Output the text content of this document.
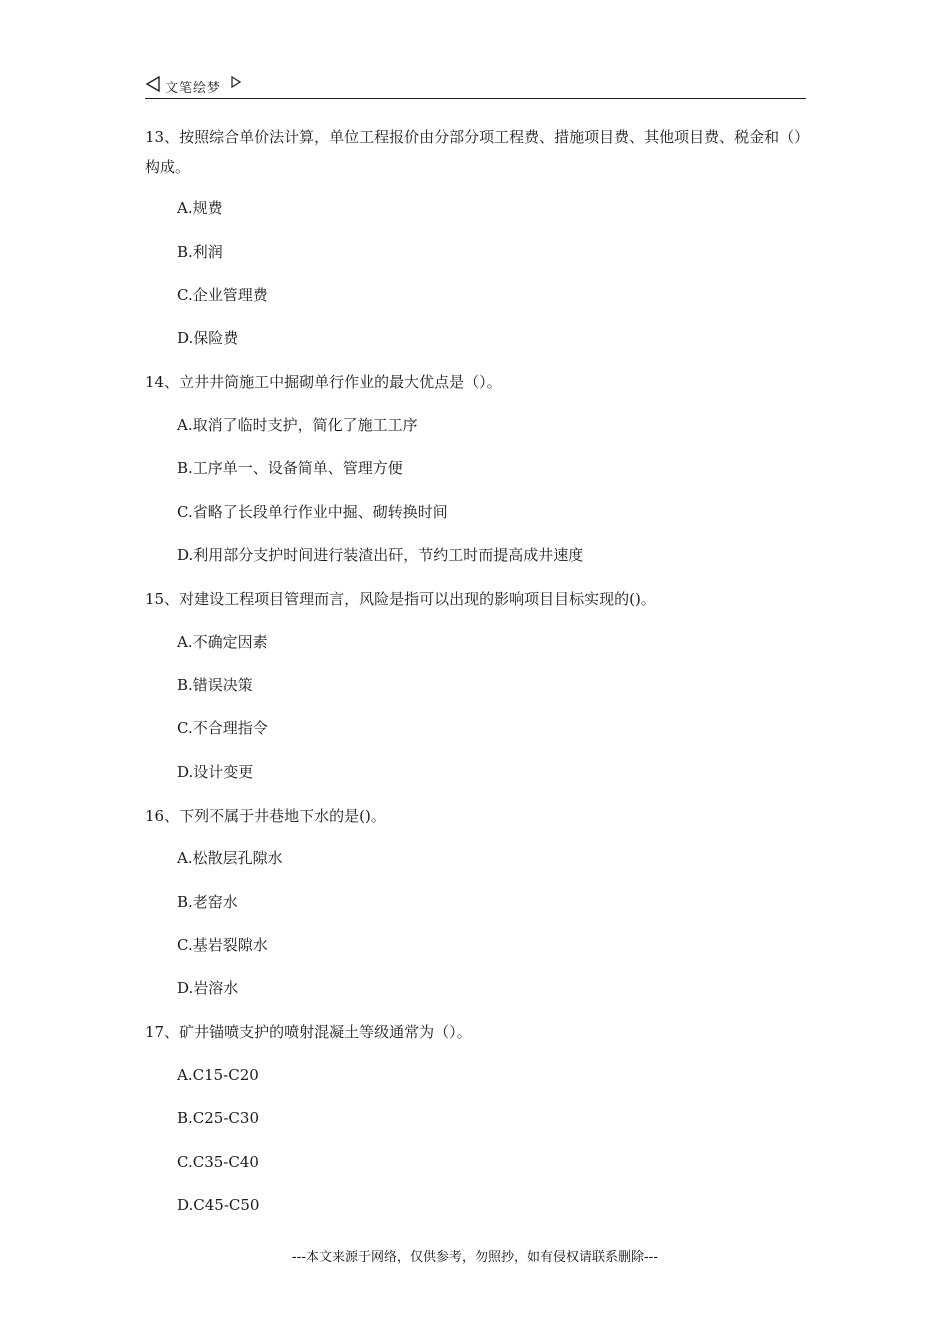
文笔绘梦
13、按照综合单价法计算，单位工程报价由分部分项工程费、措施项目费、其他项目费、税金和（）构成。
A.规费
B.利润
C.企业管理费
D.保险费
14、立井井筒施工中掘砌单行作业的最大优点是（）。
A.取消了临时支护，简化了施工工序
B.工序单一、设备简单、管理方便
C.省略了长段单行作业中掘、砌转换时间
D.利用部分支护时间进行装渣出矸，节约工时而提高成井速度
15、对建设工程项目管理而言，风险是指可以出现的影响项目目标实现的()。
A.不确定因素
B.错误决策
C.不合理指令
D.设计变更
16、下列不属于井巷地下水的是()。
A.松散层孔隙水
B.老窑水
C.基岩裂隙水
D.岩溶水
17、矿井锚喷支护的喷射混凝土等级通常为（）。
A.C15-C20
B.C25-C30
C.C35-C40
D.C45-C50
---本文来源于网络，仅供参考，勿照抄，如有侵权请联系删除---
